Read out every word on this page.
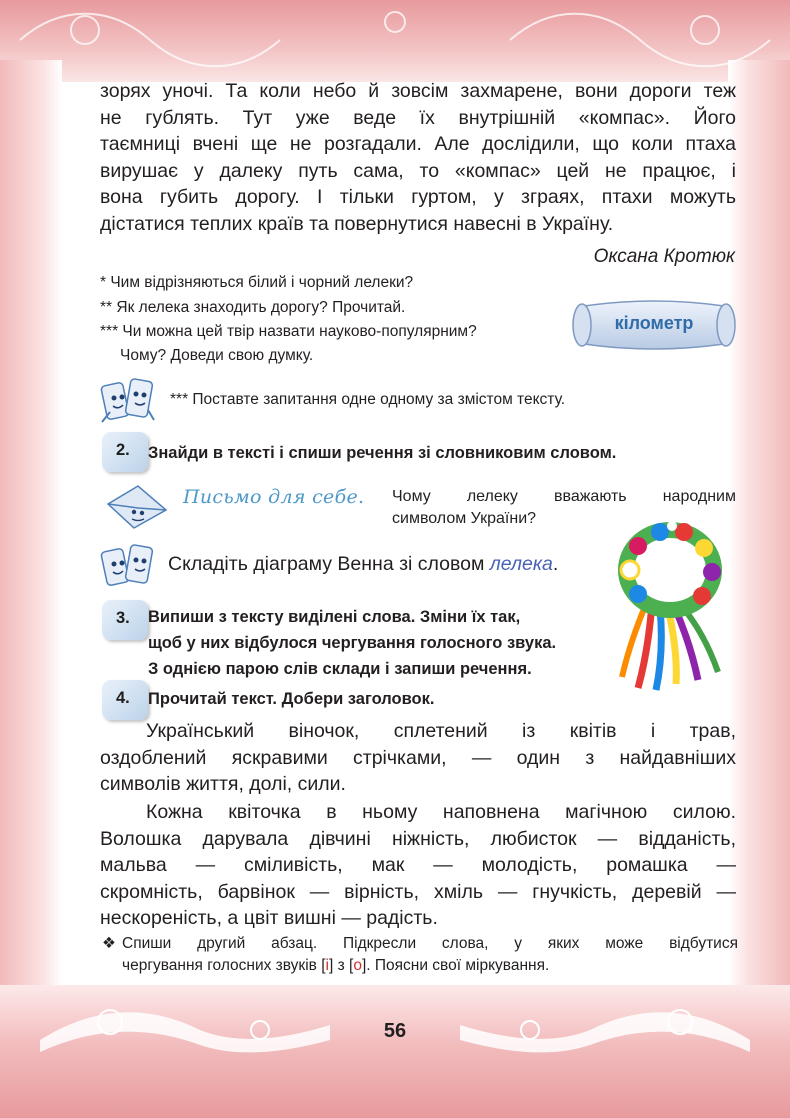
зорях уночі. Та коли небо й зовсім захмарене, вони дороги теж
не гублять. Тут уже веде їх внутрішній «компас». Його
таємниці вчені ще не розгадали. Але дослідили, що коли птаха
вирушає у далеку путь сама, то «компас» цей не працює, і
вона губить дорогу. І тільки гуртом, у зграях, птахи можуть
дістатися теплих країв та повернутися навесні в Україну.
Оксана Кротюк
* Чим відрізняються білий і чорний лелеки?
** Як лелека знаходить дорогу? Прочитай.
*** Чи можна цей твір назвати науково-популярним?
Чому? Доведи свою думку.
кілометр
*** Поставте запитання одне одному за змістом тексту.
2. Знайди в тексті і спиши речення зі словниковим словом.
Письмо для себе. Чому лелеку вважають народним
символом України?
Складіть діаграму Венна зі словом лелека.
3. Випиши з тексту виділені слова. Зміни їх так,
щоб у них відбулося чергування голосного звука.
З однією парою слів склади і запиши речення.
4. Прочитай текст. Добери заголовок.
Український віночок, сплетений із квітів і трав,
оздоблений яскравими стрічками, — один з найдавніших
символів життя, долі, сили.
Кожна квіточка в ньому наповнена магічною силою.
Волошка дарувала дівчині ніжність, любисток — відданість,
мальва — сміливість, мак — молодість, ромашка —
скромність, барвінок — вірність, хміль — гнучкість, деревій —
нескореність, а цвіт вишні — радість.
❖ Спиши другий абзац. Підкресли слова, у яких може відбутися
чергування голосних звуків [і] з [о]. Поясни свої міркування.
56
